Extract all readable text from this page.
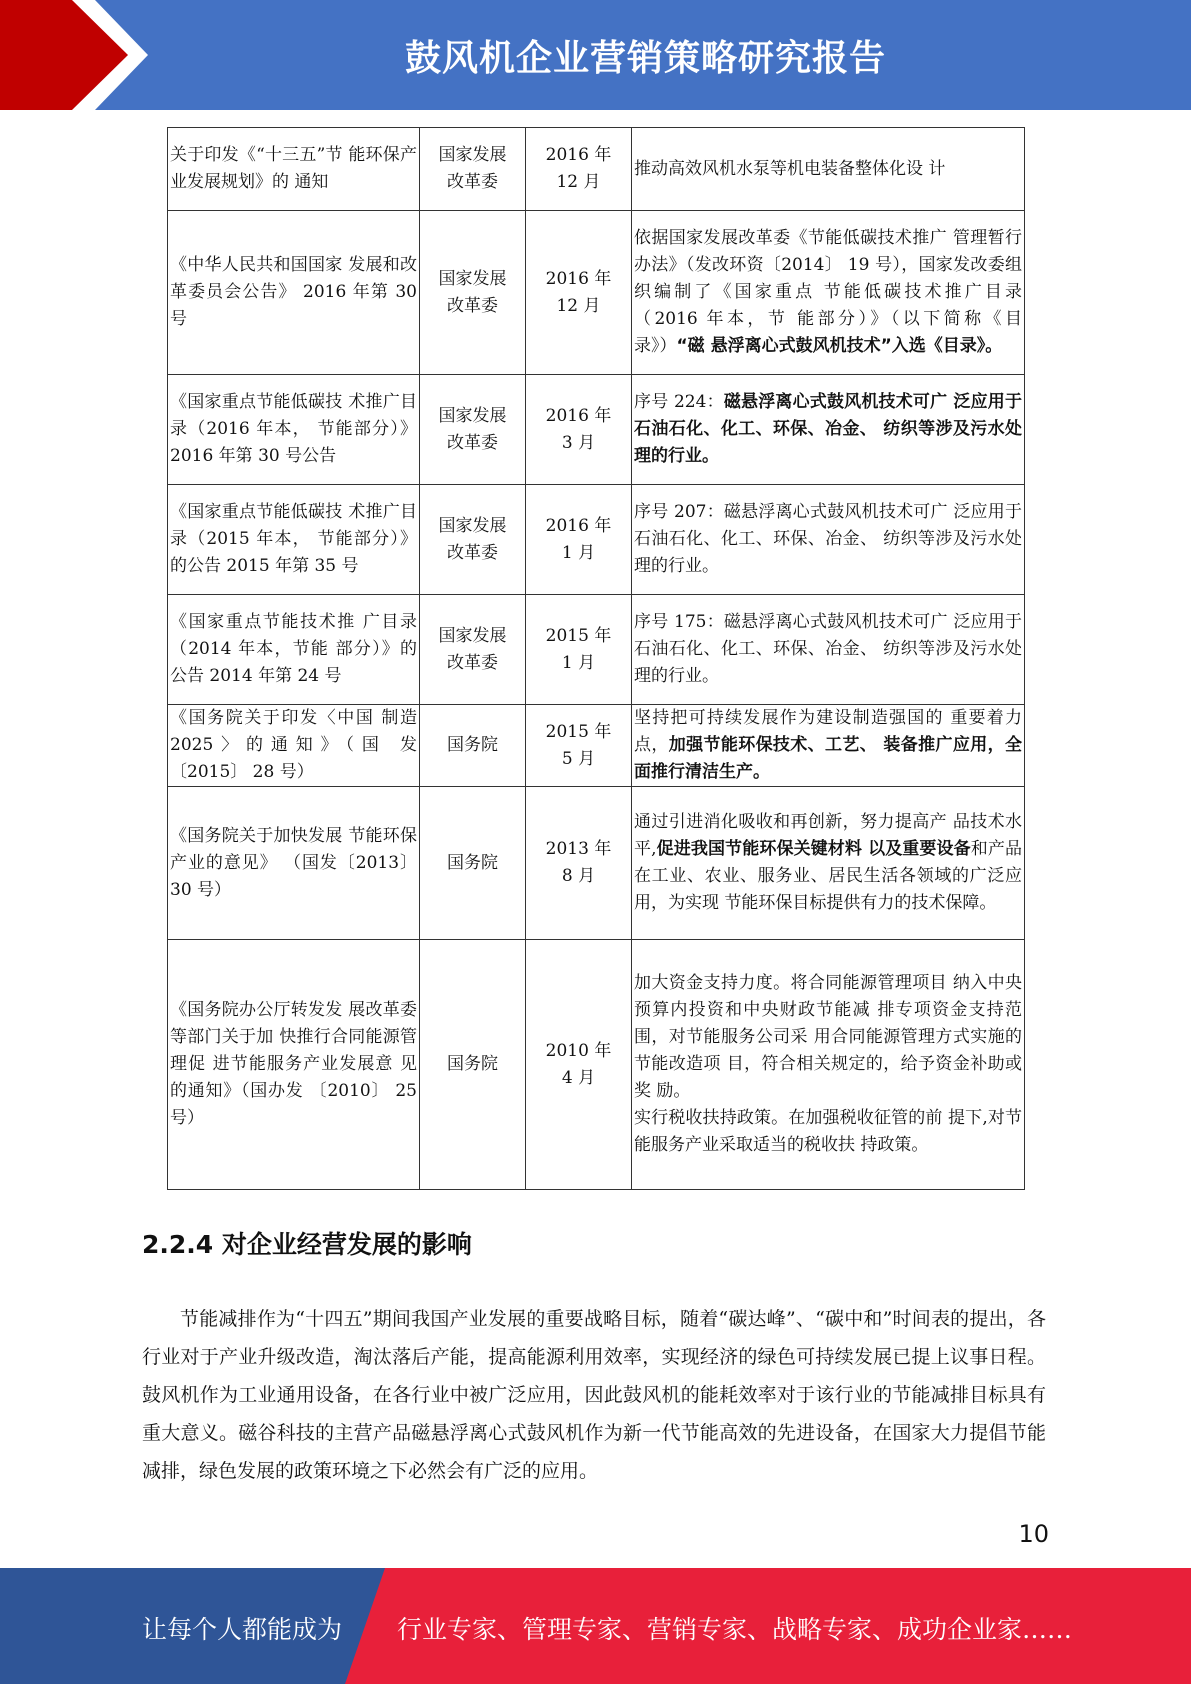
鼓风机企业营销策略研究报告
关于印发《“十三五”节 能环保产业发展规划》的 通知	国家发展改革委	2016 年 12 月	推动高效风机水泵等机电装备整体化设 计
《中华人民共和国国家 发展和改革委员会公告》 2016 年第 30 号	国家发展改革委	2016 年 12 月	依据国家发展改革委《节能低碳技术推广 管理暂行办法》（发改环资〔2014〕 19 号），国家发改委组织编制了《国家重点 节能低碳技术推广目录（2016 年本，节 能部分）》（以下简称《目录》）“磁 悬浮离心式鼓风机技术”入选《目录》。
《国家重点节能低碳技 术推广目录（2016 年本， 节能部分）》2016 年第 30 号公告	国家发展改革委	2016 年 3 月	序号 224：磁悬浮离心式鼓风机技术可广 泛应用于石油石化、化工、环保、冶金、 纺织等涉及污水处理的行业。
《国家重点节能低碳技 术推广目录（2015 年本， 节能部分）》的公告 2015 年第 35 号	国家发展改革委	2016 年 1 月	序号 207：磁悬浮离心式鼓风机技术可广 泛应用于石油石化、化工、环保、冶金、 纺织等涉及污水处理的行业。
《国家重点节能技术推 广目录（2014 年本，节能 部分）》的公告 2014 年第 24 号	国家发展改革委	2015 年 1 月	序号 175：磁悬浮离心式鼓风机技术可广 泛应用于石油石化、化工、环保、冶金、 纺织等涉及污水处理的行业。
《国务院关于印发〈中国 制造 2025〉的通知》（国 发〔2015〕 28 号）	国务院	2015 年 5 月	坚持把可持续发展作为建设制造强国的 重要着力点，加强节能环保技术、工艺、 装备推广应用，全面推行清洁生产。
《国务院关于加快发展 节能环保产业的意见》 （国发〔2013〕 30 号）	国务院	2013 年 8 月	通过引进消化吸收和再创新，努力提高产 品技术水平,促进我国节能环保关键材料 以及重要设备和产品在工业、农业、服务业、居民生活各领域的广泛应用，为实现 节能环保目标提供有力的技术保障。
《国务院办公厅转发发 展改革委等部门关于加 快推行合同能源管理促 进节能服务产业发展意 见的通知》（国办发 〔2010〕 25 号）	国务院	2010 年 4 月	加大资金支持力度。将合同能源管理项目 纳入中央预算内投资和中央财政节能减 排专项资金支持范围，对节能服务公司采 用合同能源管理方式实施的节能改造项 目，符合相关规定的，给予资金补助或奖 励。
实行税收扶持政策。在加强税收征管的前 提下,对节能服务产业采取适当的税收扶 持政策。
2.2.4 对企业经营发展的影响
节能减排作为“十四五”期间我国产业发展的重要战略目标，随着“碳达峰”、“碳中和”时间表的提出，各行业对于产业升级改造，淘汰落后产能，提高能源利用效率，实现经济的绿色可持续发展已提上议事日程。鼓风机作为工业通用设备，在各行业中被广泛应用，因此鼓风机的能耗效率对于该行业的节能减排目标具有重大意义。磁谷科技的主营产品磁悬浮离心式鼓风机作为新一代节能高效的先进设备，在国家大力提倡节能减排，绿色发展的政策环境之下必然会有广泛的应用。
10
让每个人都能成为 行业专家、管理专家、营销专家、战略专家、成功企业家……
